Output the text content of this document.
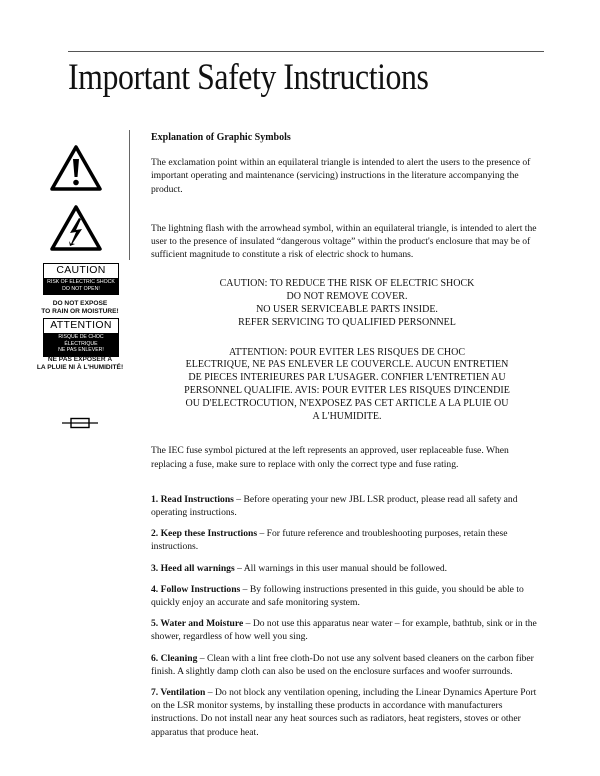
Important Safety Instructions
CAUTION
RISK OF ELECTRIC SHOCK
DO NOT OPEN!
DO NOT EXPOSE
TO RAIN OR MOISTURE!
ATTENTION
RISQUE DE CHOC ÉLECTRIQUE
NE PAS ENLEVER!
NE PAS EXPOSER À
LA PLUIE NI À L'HUMIDITÉ!

Explanation of Graphic Symbols

The exclamation point within an equilateral triangle is intended to alert the users to the presence of important operating and maintenance (servicing) instructions in the literature accompanying the product.

The lightning flash with the arrowhead symbol, within an equilateral triangle, is intended to alert the user to the presence of insulated “dangerous voltage” within the product's enclosure that may be of sufficient magnitude to constitute a risk of electric shock to humans.

CAUTION: TO REDUCE THE RISK OF ELECTRIC SHOCK
DO NOT REMOVE COVER.
NO USER SERVICEABLE PARTS INSIDE.
REFER SERVICING TO QUALIFIED PERSONNEL
ATTENTION: POUR EVITER LES RISQUES DE CHOC
ELECTRIQUE, NE PAS ENLEVER LE COUVERCLE. AUCUN ENTRETIEN
DE PIECES INTERIEURES PAR L'USAGER. CONFIER L'ENTRETIEN AU
PERSONNEL QUALIFIE. AVIS: POUR EVITER LES RISQUES D'INCENDIE
OU D'ELECTROCUTION, N'EXPOSEZ PAS CET ARTICLE A LA PLUIE OU
A L'HUMIDITE.

The IEC fuse symbol pictured at the left represents an approved, user replaceable fuse. When replacing a fuse, make sure to replace with only the correct type and fuse rating.

1. Read Instructions – Before operating your new JBL LSR product, please read all safety and operating instructions.

2. Keep these Instructions – For future reference and troubleshooting purposes, retain these instructions.

3. Heed all warnings – All warnings in this user manual should be followed.

4. Follow Instructions – By following instructions presented in this guide, you should be able to quickly enjoy an accurate and safe monitoring system.

5. Water and Moisture – Do not use this apparatus near water – for example, bathtub, sink or in the shower, regardless of how well you sing.

6. Cleaning – Clean with a lint free cloth-Do not use any solvent based cleaners on the carbon fiber finish. A slightly damp cloth can also be used on the enclosure surfaces and woofer surrounds.

7. Ventilation – Do not block any ventilation opening, including the Linear Dynamics Aperture Port on the LSR monitor systems, by installing these products in accordance with manufacturers instructions. Do not install near any heat sources such as radiators, heat registers, stoves or other apparatus that produce heat.
